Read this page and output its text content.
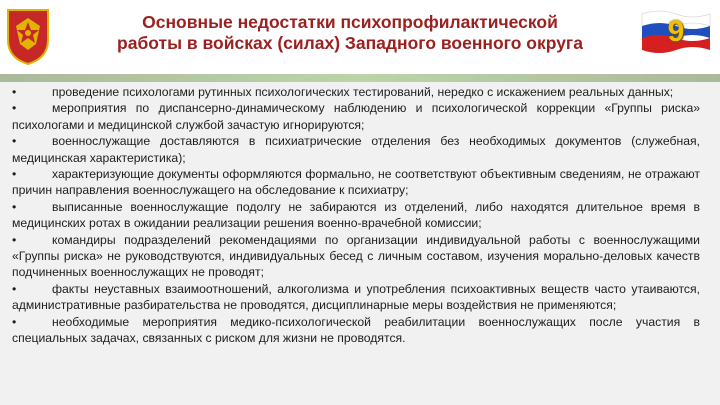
Основные недостатки психопрофилактической
работы в войсках (силах) Западного военного округа	9

•	проведение психологами рутинных психологических тестирований, нередко с искажением реальных данных;

•	мероприятия по диспансерно-динамическому наблюдению и психологической коррекции «Группы риска» психологами и медицинской службой зачастую игнорируются;

•	военнослужащие доставляются в психиатрические отделения без необходимых документов (служебная, медицинская характеристика);

•	характеризующие документы оформляются формально, не соответствуют объективным сведениям, не отражают причин направления военнослужащего на обследование к психиатру;

•	выписанные военнослужащие подолгу не забираются из отделений, либо находятся длительное время в медицинских ротах в ожидании реализации решения военно-врачебной комиссии;

•	командиры подразделений рекомендациями по организации индивидуальной работы с военнослужащими «Группы риска» не руководствуются, индивидуальных бесед с личным составом, изучения морально-деловых качеств подчиненных военнослужащих не проводят;

•	факты неуставных взаимоотношений, алкоголизма и употребления психоактивных веществ часто утаиваются, административные разбирательства не проводятся, дисциплинарные меры воздействия не применяются;

•	необходимые мероприятия медико-психологической реабилитации военнослужащих после участия в специальных задачах, связанных с риском для жизни не проводятся.
